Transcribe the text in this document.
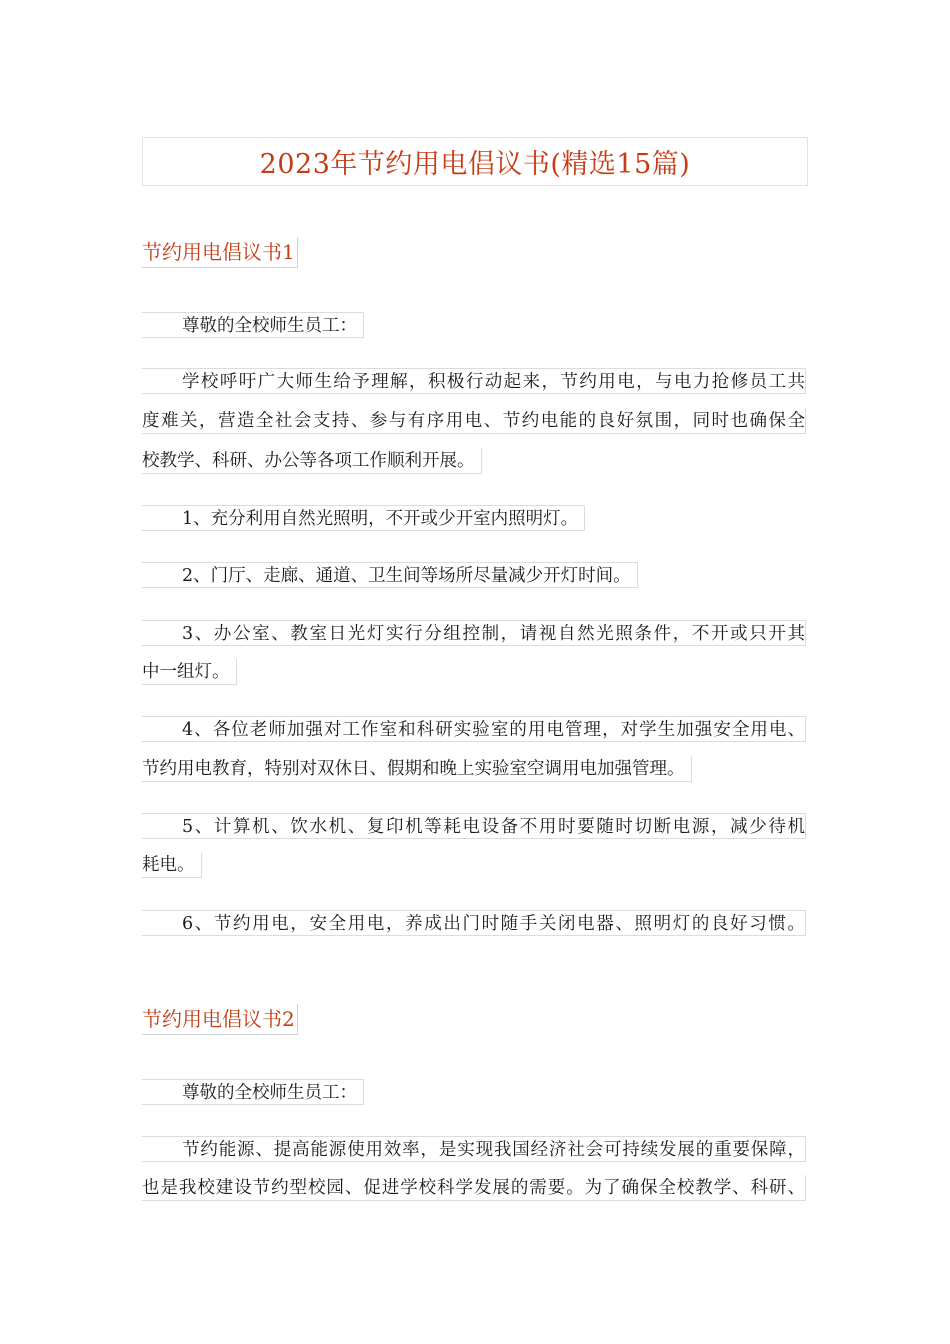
2023年节约用电倡议书(精选15篇)
节约用电倡议书1
尊敬的全校师生员工：
学校呼吁广大师生给予理解，积极行动起来，节约用电，与电力抢修员工共
度难关，营造全社会支持、参与有序用电、节约电能的良好氛围，同时也确保全
校教学、科研、办公等各项工作顺利开展。
1、充分利用自然光照明，不开或少开室内照明灯。
2、门厅、走廊、通道、卫生间等场所尽量减少开灯时间。
3、办公室、教室日光灯实行分组控制，请视自然光照条件，不开或只开其
中一组灯。
4、各位老师加强对工作室和科研实验室的用电管理，对学生加强安全用电、
节约用电教育，特别对双休日、假期和晚上实验室空调用电加强管理。
5、计算机、饮水机、复印机等耗电设备不用时要随时切断电源，减少待机
耗电。
6、节约用电，安全用电，养成出门时随手关闭电器、照明灯的良好习惯。
节约用电倡议书2
尊敬的全校师生员工：
节约能源、提高能源使用效率，是实现我国经济社会可持续发展的重要保障，
也是我校建设节约型校园、促进学校科学发展的需要。为了确保全校教学、科研、
